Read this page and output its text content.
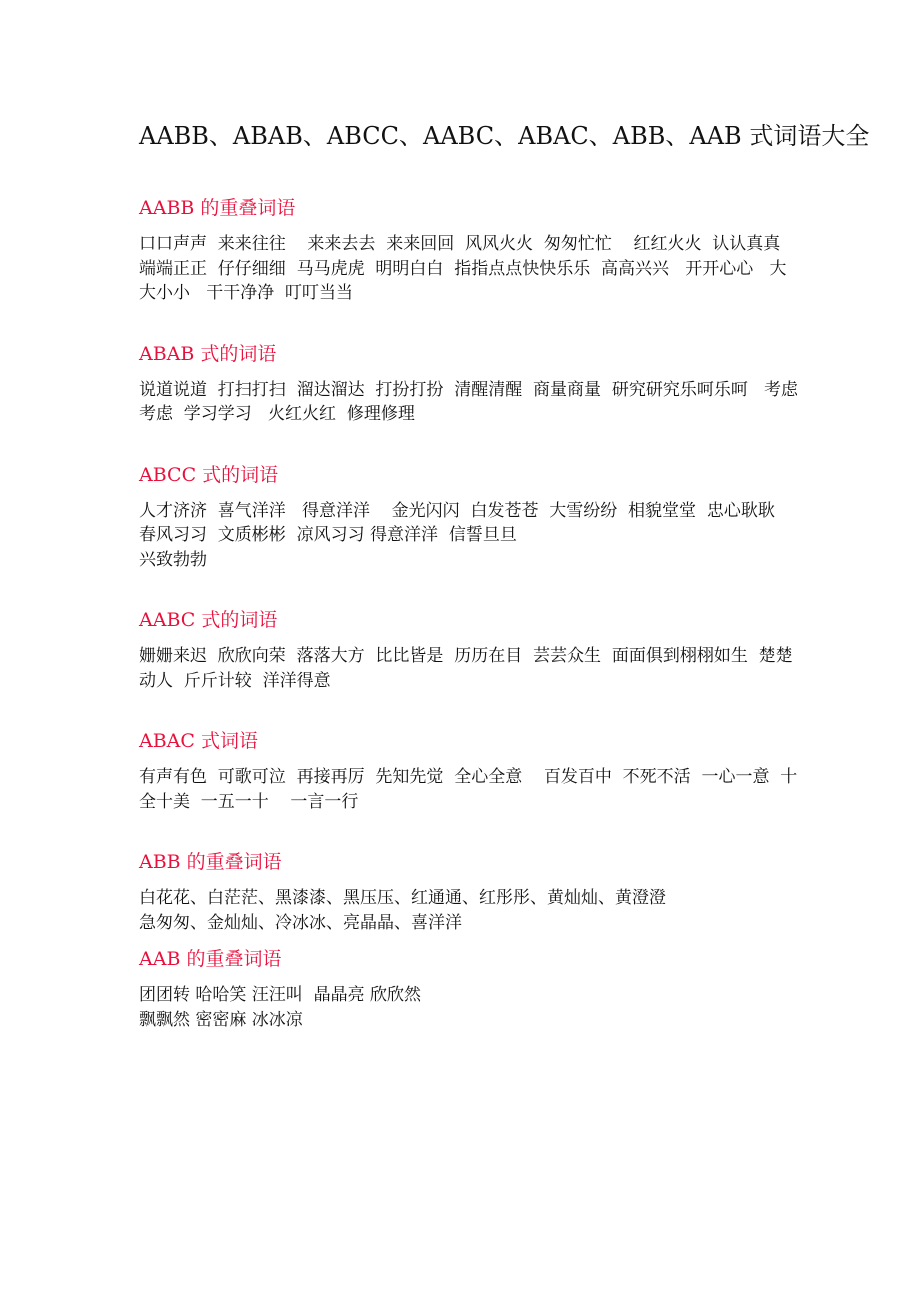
AABB、ABAB、ABCC、AABC、ABAC、ABB、AAB 式词语大全
AABB 的重叠词语

口口声声  来来往往    来来去去  来来回回  风风火火  匆匆忙忙    红红火火  认认真真   端端正正  仔仔细细  马马虎虎  明明白白  指指点点快快乐乐  高高兴兴   开开心心   大大小小   干干净净  叮叮当当

ABAB 式的词语

说道说道  打扫打扫  溜达溜达  打扮打扮  清醒清醒  商量商量  研究研究乐呵乐呵   考虑考虑  学习学习   火红火红  修理修理

ABCC 式的词语

人才济济  喜气洋洋   得意洋洋    金光闪闪  白发苍苍  大雪纷纷  相貌堂堂  忠心耿耿  春风习习  文质彬彬  凉风习习 得意洋洋  信誓旦旦
兴致勃勃

AABC 式的词语

姗姗来迟  欣欣向荣  落落大方  比比皆是  历历在目  芸芸众生  面面俱到栩栩如生  楚楚动人  斤斤计较  洋洋得意

ABAC 式词语

有声有色  可歌可泣  再接再厉  先知先觉  全心全意    百发百中  不死不活  一心一意  十全十美  一五一十    一言一行

ABB 的重叠词语

白花花、白茫茫、黑漆漆、黑压压、红通通、红彤彤、黄灿灿、黄澄澄
急匆匆、金灿灿、冷冰冰、亮晶晶、喜洋洋

AAB 的重叠词语

团团转 哈哈笑 汪汪叫  晶晶亮 欣欣然
飘飘然 密密麻 冰冰凉
